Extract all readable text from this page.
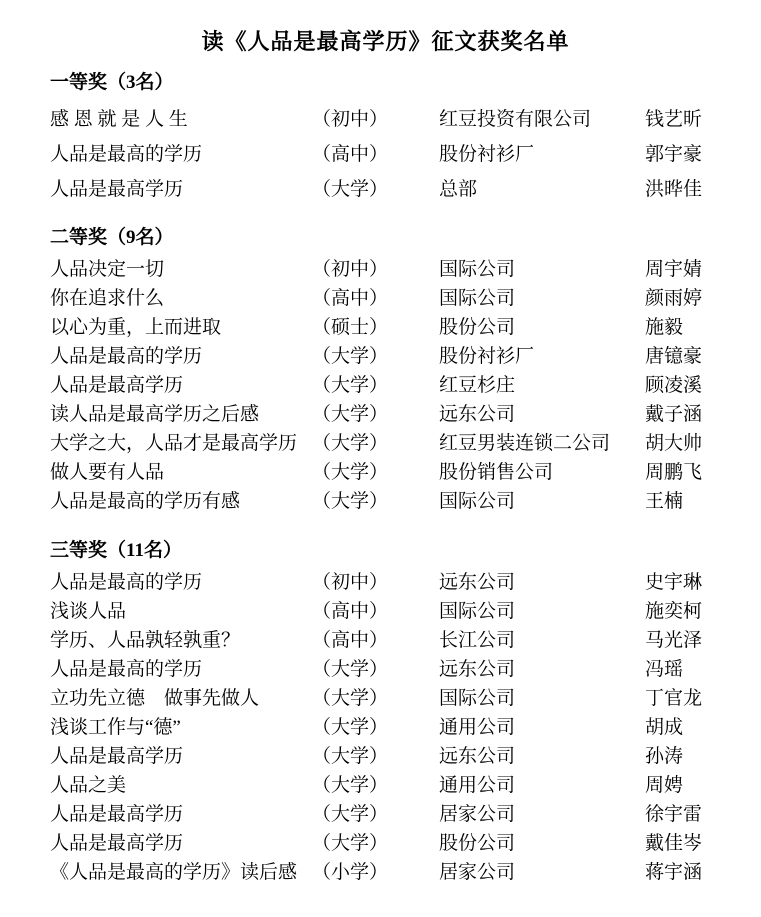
读《人品是最高学历》征文获奖名单
一等奖（3名）
感 恩 就 是 人 生	（初中）	红豆投资有限公司	钱艺昕
人品是最高的学历	（高中）	股份衬衫厂	郭宇豪
人品是最高学历	（大学）	总部	洪晔佳
二等奖（9名）
人品决定一切	（初中）	国际公司	周宇婧
你在追求什么	（高中）	国际公司	颜雨婷
以心为重，上而进取	（硕士）	股份公司	施毅
人品是最高的学历	（大学）	股份衬衫厂	唐镱豪
人品是最高学历	（大学）	红豆杉庄	顾凌溪
读人品是最高学历之后感	（大学）	远东公司	戴子涵
大学之大，人品才是最高学历 （大学）	红豆男装连锁二公司	胡大帅
做人要有人品	（大学）	股份销售公司	周鹏飞
人品是最高的学历有感	（大学）	国际公司	王楠
三等奖（11名）
人品是最高的学历	（初中）	远东公司	史宇琳
浅谈人品	（高中）	国际公司	施奕柯
学历、人品孰轻孰重？	（高中）	长江公司	马光泽
人品是最高的学历	（大学）	远东公司	冯瑶
立功先立德　做事先做人	（大学）	国际公司	丁官龙
浅谈工作与“德”	（大学）	通用公司	胡成
人品是最高学历	（大学）	远东公司	孙涛
人品之美	（大学）	通用公司	周娉
人品是最高学历	（大学）	居家公司	徐宇雷
人品是最高学历	（大学）	股份公司	戴佳岑
《人品是最高的学历》读后感 （小学）	居家公司	蒋宇涵
